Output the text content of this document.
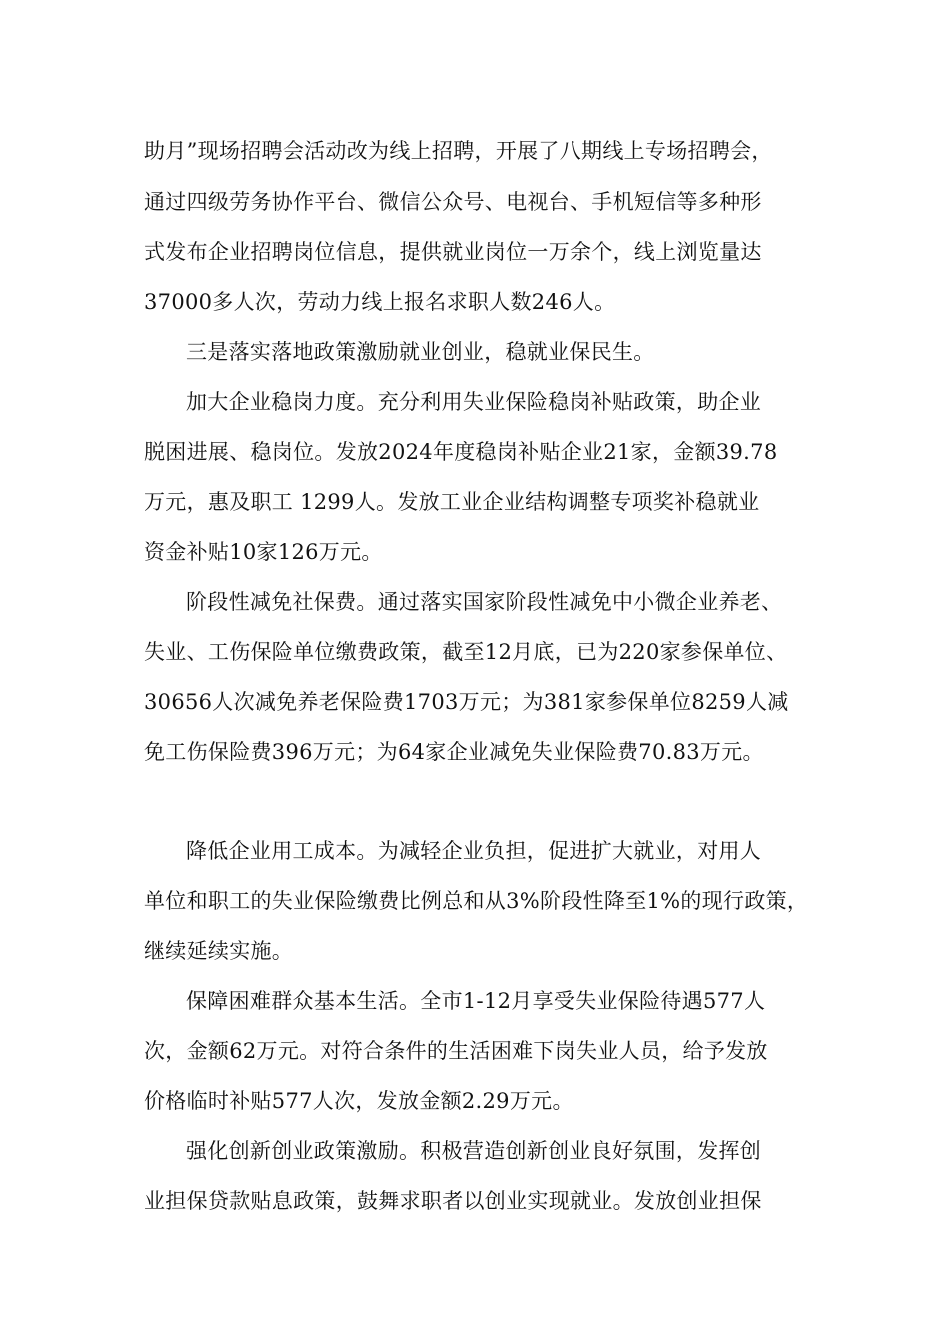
助月”现场招聘会活动改为线上招聘，开展了八期线上专场招聘会，
通过四级劳务协作平台、微信公众号、电视台、手机短信等多种形
式发布企业招聘岗位信息，提供就业岗位一万余个，线上浏览量达
37000多人次，劳动力线上报名求职人数246人。
三是落实落地政策激励就业创业，稳就业保民生。
加大企业稳岗力度。充分利用失业保险稳岗补贴政策，助企业
脱困进展、稳岗位。发放2024年度稳岗补贴企业21家，金额39.78
万元，惠及职工 1299人。发放工业企业结构调整专项奖补稳就业
资金补贴10家126万元。
阶段性减免社保费。通过落实国家阶段性减免中小微企业养老、
失业、工伤保险单位缴费政策，截至12月底，已为220家参保单位、
30656人次减免养老保险费1703万元；为381家参保单位8259人减
免工伤保险费396万元；为64家企业减免失业保险费70.83万元。
降低企业用工成本。为减轻企业负担，促进扩大就业，对用人
单位和职工的失业保险缴费比例总和从3%阶段性降至1%的现行政策，
继续延续实施。
保障困难群众基本生活。全市1-12月享受失业保险待遇577人
次，金额62万元。对符合条件的生活困难下岗失业人员，给予发放
价格临时补贴577人次，发放金额2.29万元。
强化创新创业政策激励。积极营造创新创业良好氛围，发挥创
业担保贷款贴息政策，鼓舞求职者以创业实现就业。发放创业担保
